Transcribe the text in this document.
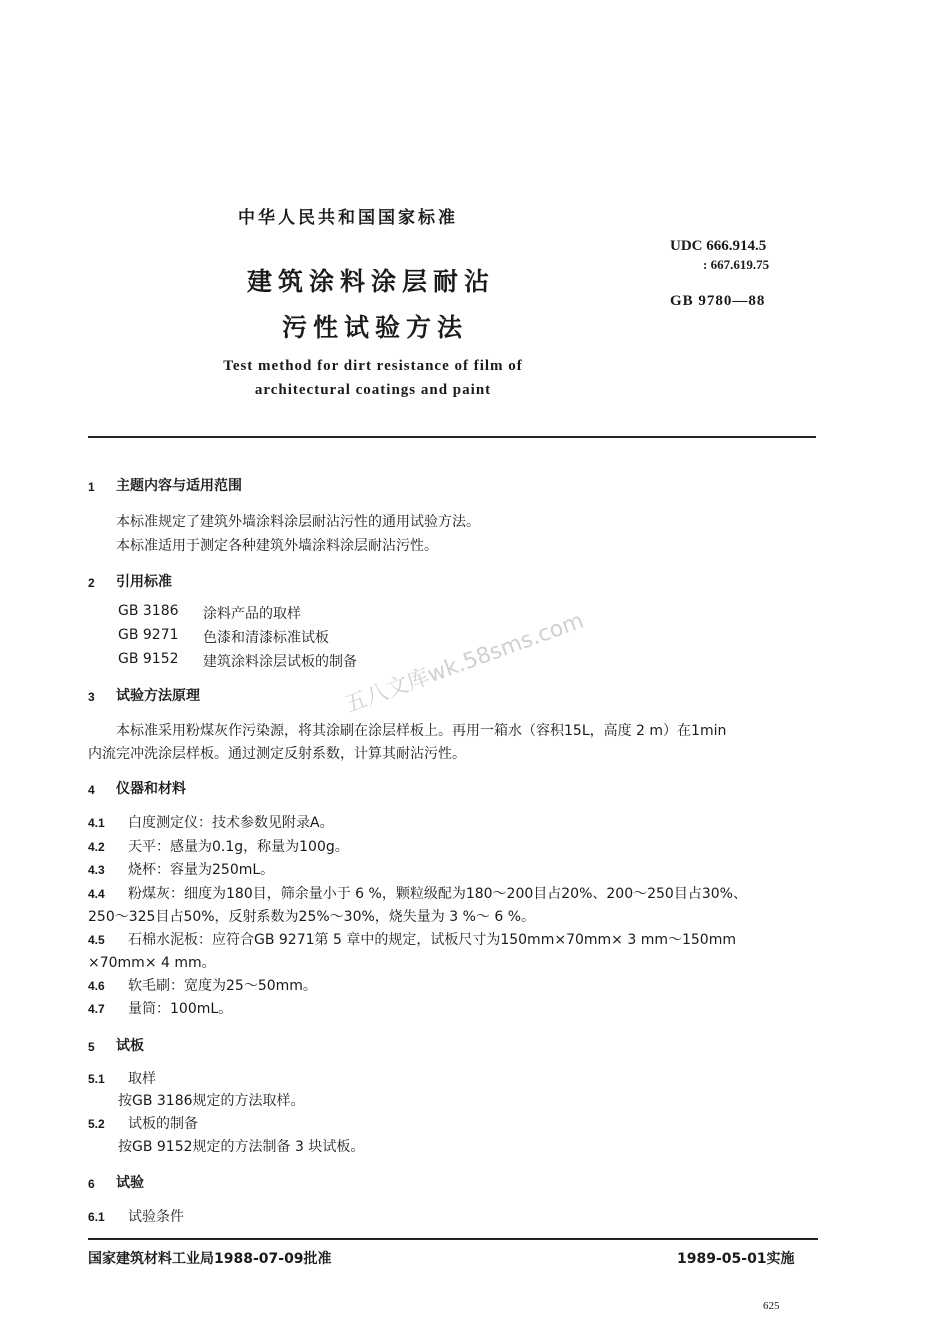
中华人民共和国国家标准
建筑涂料涂层耐沾
污性试验方法
Test method for dirt resistance of film of
architectural coatings and paint
UDC 666.914.5
: 667.619.75
GB 9780—88
1 主题内容与适用范围
本标准规定了建筑外墙涂料涂层耐沾污性的通用试验方法。
本标准适用于测定各种建筑外墙涂料涂层耐沾污性。
2 引用标准
GB 3186 涂料产品的取样
GB 9271 色漆和清漆标准试板
GB 9152 建筑涂料涂层试板的制备
3 试验方法原理
本标准采用粉煤灰作污染源，将其涂刷在涂层样板上。再用一箱水（容积15L，高度 2 m）在1min
内流完冲洗涂层样板。通过测定反射系数，计算其耐沾污性。
4 仪器和材料
4.1 白度测定仪：技术参数见附录A。
4.2 天平：感量为0.1g，称量为100g。
4.3 烧杯：容量为250mL。
4.4 粉煤灰：细度为180目，筛余量小于 6 %，颗粒级配为180～200目占20%、200～250目占30%、
250～325目占50%，反射系数为25%～30%，烧失量为 3 %～ 6 %。
4.5 石棉水泥板：应符合GB 9271第 5 章中的规定，试板尺寸为150mm×70mm× 3 mm～150mm
×70mm× 4 mm。
4.6 软毛刷：宽度为25～50mm。
4.7 量筒：100mL。
5 试板
5.1 取样
按GB 3186规定的方法取样。
5.2 试板的制备
按GB 9152规定的方法制备 3 块试板。
6 试验
6.1 试验条件
五八文库wk.58sms.com
国家建筑材料工业局1988-07-09批准	1989-05-01实施
625
